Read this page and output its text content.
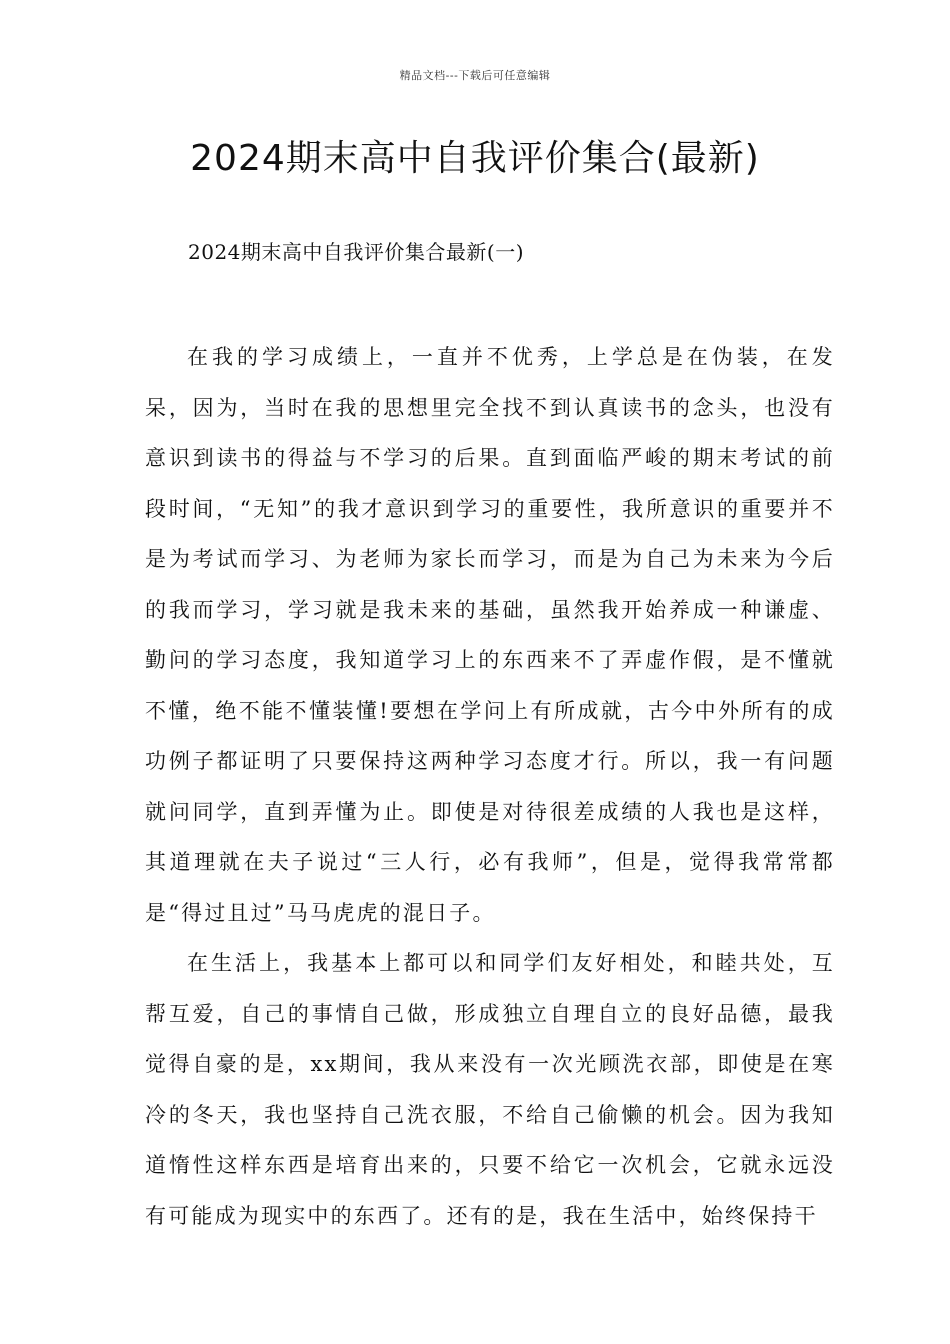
精品文档---下载后可任意编辑
2024期末高中自我评价集合(最新)
2024期末高中自我评价集合最新(一)

在我的学习成绩上，一直并不优秀，上学总是在伪装，在发呆，因为，当时在我的思想里完全找不到认真读书的念头，也没有意识到读书的得益与不学习的后果。直到面临严峻的期末考试的前段时间，“无知”的我才意识到学习的重要性，我所意识的重要并不是为考试而学习、为老师为家长而学习，而是为自己为未来为今后的我而学习，学习就是我未来的基础，虽然我开始养成一种谦虚、勤问的学习态度，我知道学习上的东西来不了弄虚作假，是不懂就不懂，绝不能不懂装懂!要想在学问上有所成就，古今中外所有的成功例子都证明了只要保持这两种学习态度才行。所以，我一有问题就问同学，直到弄懂为止。即使是对待很差成绩的人我也是这样，其道理就在夫子说过“三人行，必有我师”，但是，觉得我常常都是“得过且过”马马虎虎的混日子。

在生活上，我基本上都可以和同学们友好相处，和睦共处，互帮互爱，自己的事情自己做，形成独立自理自立的良好品德，最我觉得自豪的是，xx期间，我从来没有一次光顾洗衣部，即使是在寒冷的冬天，我也坚持自己洗衣服，不给自己偷懒的机会。因为我知道惰性这样东西是培育出来的，只要不给它一次机会，它就永远没有可能成为现实中的东西了。还有的是，我在生活中，始终保持干
